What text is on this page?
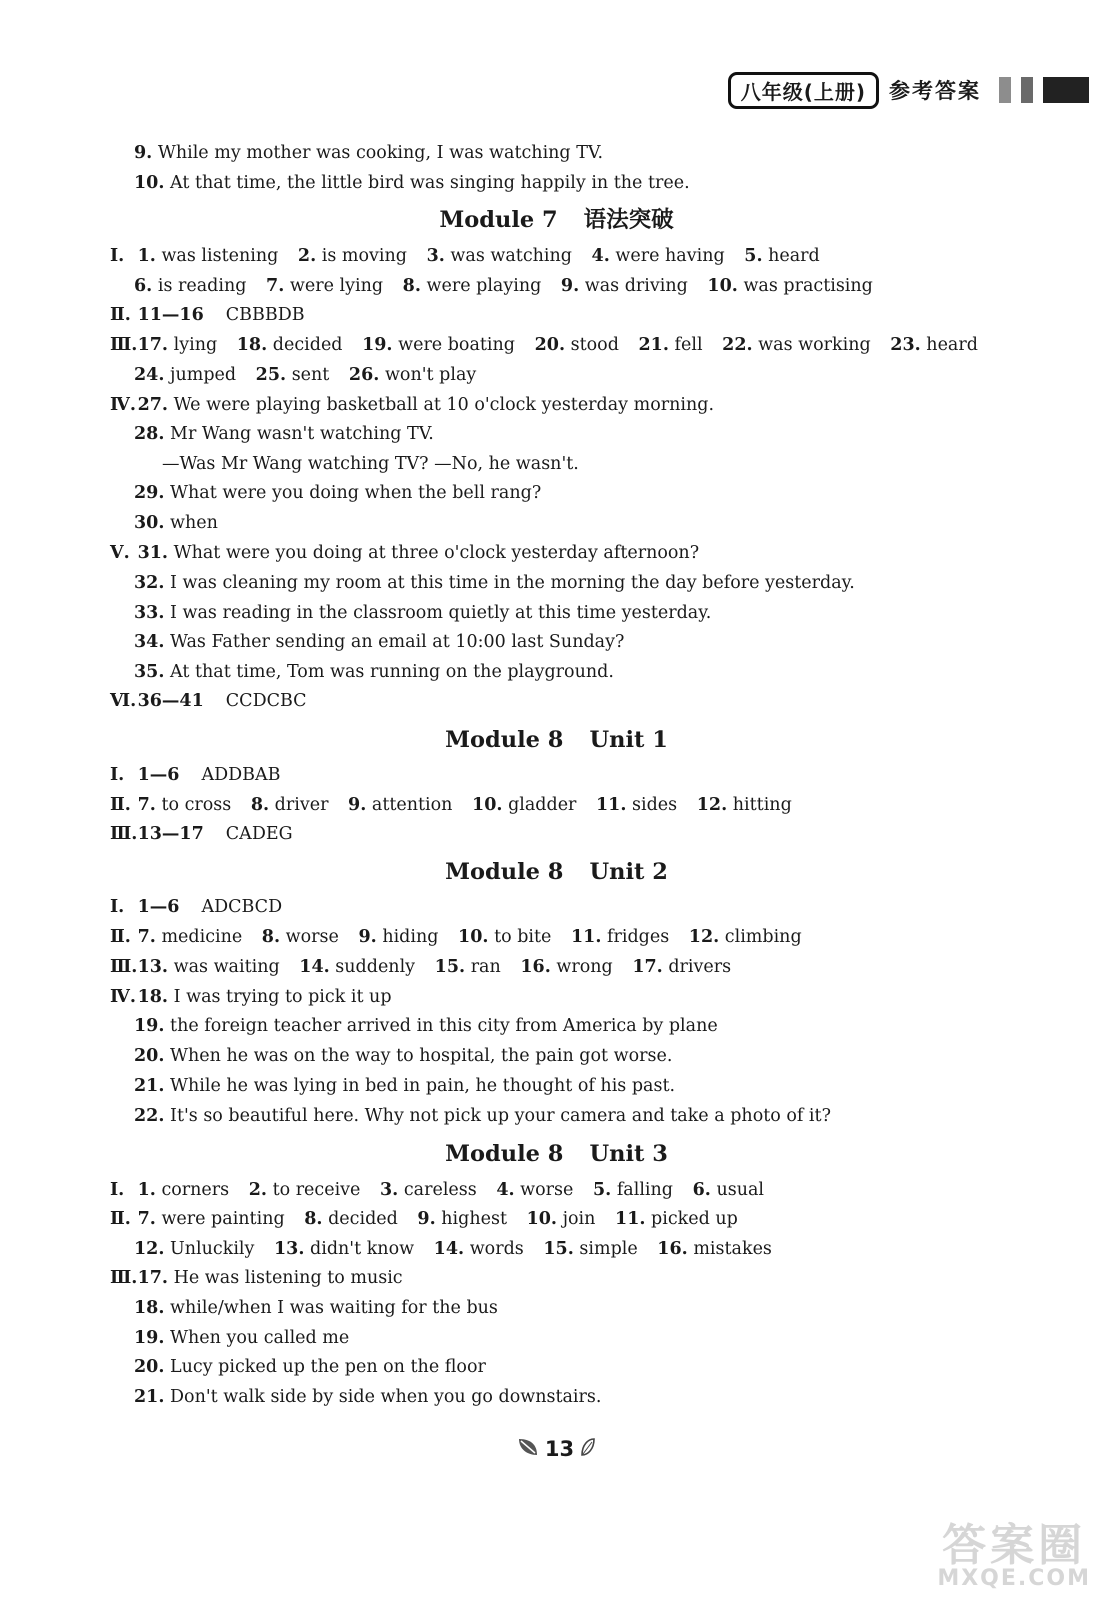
八年级(上册)	参考答案
9. While my mother was cooking, I was watching TV.
10. At that time, the little bird was singing happily in the tree.
Module 7 语法突破
Ⅰ. 1. was listening 2. is moving 3. was watching 4. were having 5. heard
6. is reading 7. were lying 8. were playing 9. was driving 10. was practising
Ⅱ. 11—16 CBBBDB
Ⅲ. 17. lying 18. decided 19. were boating 20. stood 21. fell 22. was working 23. heard
24. jumped 25. sent 26. won't play
Ⅳ. 27. We were playing basketball at 10 o'clock yesterday morning.
28. Mr Wang wasn't watching TV.
—Was Mr Wang watching TV? —No, he wasn't.
29. What were you doing when the bell rang?
30. when
Ⅴ. 31. What were you doing at three o'clock yesterday afternoon?
32. I was cleaning my room at this time in the morning the day before yesterday.
33. I was reading in the classroom quietly at this time yesterday.
34. Was Father sending an email at 10:00 last Sunday?
35. At that time, Tom was running on the playground.
Ⅵ. 36—41 CCDCBC
Module 8 Unit 1
Ⅰ. 1—6 ADDBAB
Ⅱ. 7. to cross 8. driver 9. attention 10. gladder 11. sides 12. hitting
Ⅲ. 13—17 CADEG
Module 8 Unit 2
Ⅰ. 1—6 ADCBCD
Ⅱ. 7. medicine 8. worse 9. hiding 10. to bite 11. fridges 12. climbing
Ⅲ. 13. was waiting 14. suddenly 15. ran 16. wrong 17. drivers
Ⅳ. 18. I was trying to pick it up
19. the foreign teacher arrived in this city from America by plane
20. When he was on the way to hospital, the pain got worse.
21. While he was lying in bed in pain, he thought of his past.
22. It's so beautiful here. Why not pick up your camera and take a photo of it?
Module 8 Unit 3
Ⅰ. 1. corners 2. to receive 3. careless 4. worse 5. falling 6. usual
Ⅱ. 7. were painting 8. decided 9. highest 10. join 11. picked up
12. Unluckily 13. didn't know 14. words 15. simple 16. mistakes
Ⅲ. 17. He was listening to music
18. while/when I was waiting for the bus
19. When you called me
20. Lucy picked up the pen on the floor
21. Don't walk side by side when you go downstairs.
13
答案圈
MXQE.COM
